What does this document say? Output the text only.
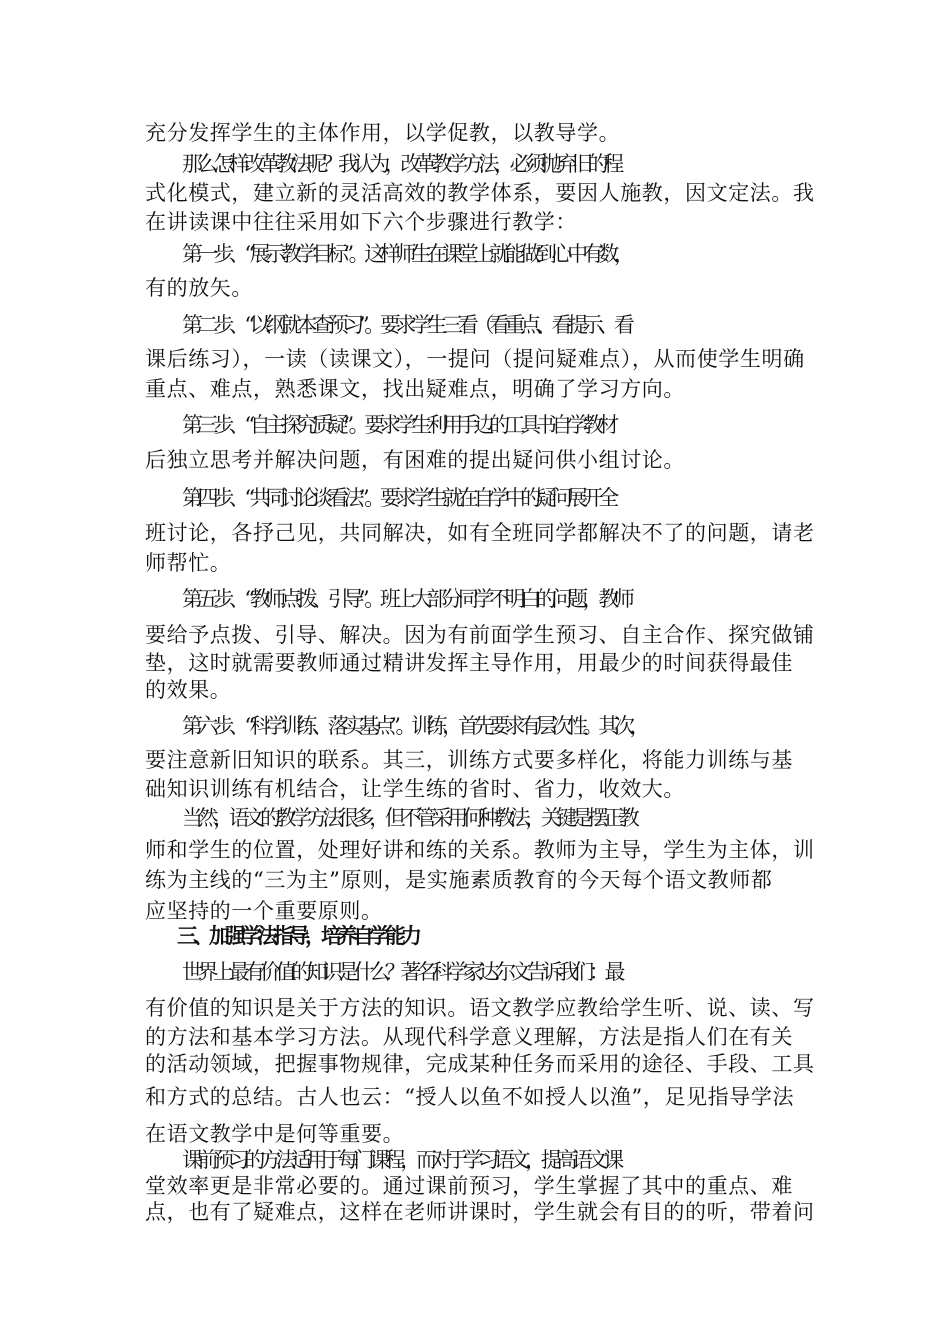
充分发挥学生的主体作用，以学促教，以教导学。
那么怎样改革教法呢？我认为，改革教学方法，必须抛弃旧的程
式化模式，建立新的灵活高效的教学体系，要因人施教，因文定法。我
在讲读课中往往采用如下六个步骤进行教学：
第一步、“展示教学目标”。这样师生在课堂上就能做到心中有数，
有的放矢。
第二步、“以纲就本查预习”。要求学生三看（看重点、看提示、看
课后练习），一读（读课文），一提问（提问疑难点），从而使学生明确
重点、难点，熟悉课文，找出疑难点，明确了学习方向。
第三步、“自主探究质疑”。要求学生利用手边的工具书自学教材
后独立思考并解决问题，有困难的提出疑问供小组讨论。
第四步、“共同讨论谈看法”。要求学生就在自学中的疑问展开全
班讨论，各抒己见，共同解决，如有全班同学都解决不了的问题，请老
师帮忙。
第五步、“教师点拨、引导”。班上大部分同学不明白的问题，教师
要给予点拨、引导、解决。因为有前面学生预习、自主合作、探究做铺
垫，这时就需要教师通过精讲发挥主导作用，用最少的时间获得最佳
的效果。
第六步、“科学训练、落实基点”。训练，首先要求有层次性。其次，
要注意新旧知识的联系。其三，训练方式要多样化，将能力训练与基
础知识训练有机结合，让学生练的省时、省力，收效大。
当然，语文的教学方法很多，但不管采用何种教法，关键是摆正教
师和学生的位置，处理好讲和练的关系。教师为主导，学生为主体，训
练为主线的“三为主”原则，是实施素质教育的今天每个语文教师都
应坚持的一个重要原则。
三、加强学法指导，培养自学能力
世界上最有价值的知识是什么？著名科学家达.尔文告诉我们：最
有价值的知识是关于方法的知识。语文教学应教给学生听、说、读、写
的方法和基本学习方法。从现代科学意义理解，方法是指人们在有关
的活动领域，把握事物规律，完成某种任务而采用的途径、手段、工具
和方式的总结。古人也云：“授人以鱼不如授人以渔”，足见指导学法
在语文教学中是何等重要。
课前预习的方法适用于每门课程，而对于学习语文，提高语文课
堂效率更是非常必要的。通过课前预习，学生掌握了其中的重点、难
点，也有了疑难点，这样在老师讲课时，学生就会有目的的听，带着问
